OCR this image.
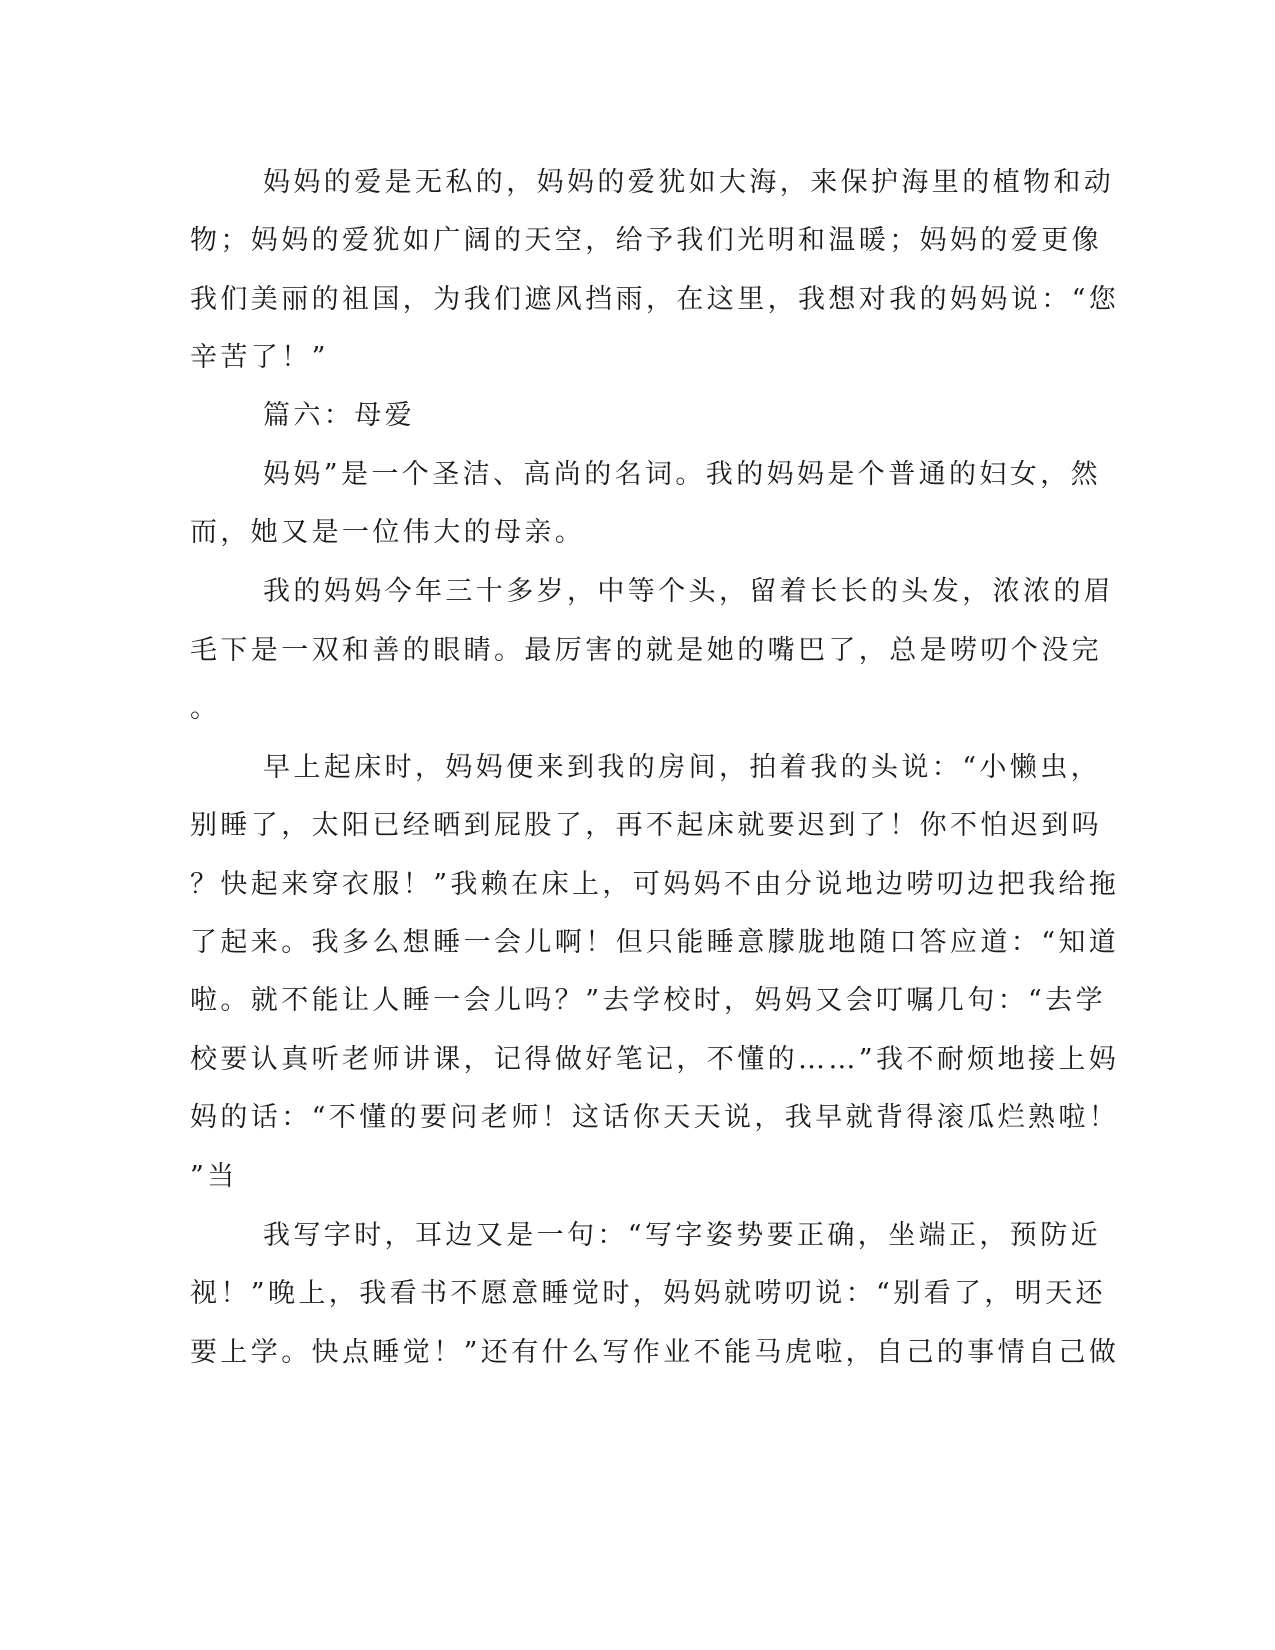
妈妈的爱是无私的，妈妈的爱犹如大海，来保护海里的植物和动
物；妈妈的爱犹如广阔的天空，给予我们光明和温暖；妈妈的爱更像
我们美丽的祖国，为我们遮风挡雨，在这里，我想对我的妈妈说：“您
辛苦了！”
篇六：母爱
妈妈”是一个圣洁、高尚的名词。我的妈妈是个普通的妇女，然
而，她又是一位伟大的母亲。
我的妈妈今年三十多岁，中等个头，留着长长的头发，浓浓的眉
毛下是一双和善的眼睛。最厉害的就是她的嘴巴了，总是唠叨个没完
。
早上起床时，妈妈便来到我的房间，拍着我的头说：“小懒虫，
别睡了，太阳已经晒到屁股了，再不起床就要迟到了！你不怕迟到吗
？快起来穿衣服！”我赖在床上，可妈妈不由分说地边唠叨边把我给拖
了起来。我多么想睡一会儿啊！但只能睡意朦胧地随口答应道：“知道
啦。就不能让人睡一会儿吗？”去学校时，妈妈又会叮嘱几句：“去学
校要认真听老师讲课，记得做好笔记，不懂的……”我不耐烦地接上妈
妈的话：“不懂的要问老师！这话你天天说，我早就背得滚瓜烂熟啦！
”当
我写字时，耳边又是一句：“写字姿势要正确，坐端正，预防近
视！”晚上，我看书不愿意睡觉时，妈妈就唠叨说：“别看了，明天还
要上学。快点睡觉！”还有什么写作业不能马虎啦，自己的事情自己做
